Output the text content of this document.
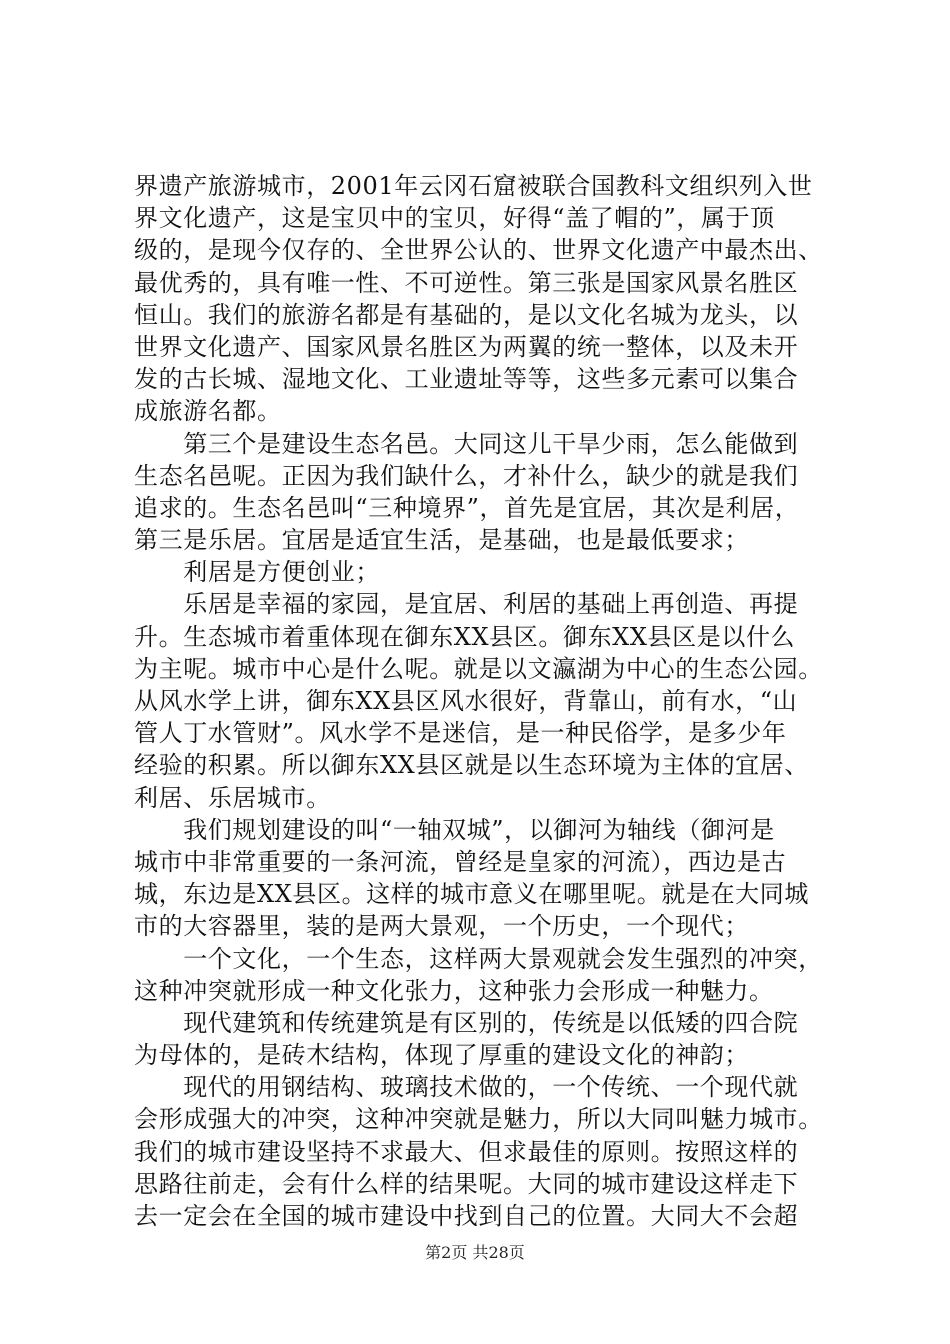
界遗产旅游城市，2001年云冈石窟被联合国教科文组织列入世
界文化遗产，这是宝贝中的宝贝，好得“盖了帽的”，属于顶
级的，是现今仅存的、全世界公认的、世界文化遗产中最杰出、
最优秀的，具有唯一性、不可逆性。第三张是国家风景名胜区
恒山。我们的旅游名都是有基础的，是以文化名城为龙头，以
世界文化遗产、国家风景名胜区为两翼的统一整体，以及未开
发的古长城、湿地文化、工业遗址等等，这些多元素可以集合
成旅游名都。
　　第三个是建设生态名邑。大同这儿干旱少雨，怎么能做到
生态名邑呢。正因为我们缺什么，才补什么，缺少的就是我们
追求的。生态名邑叫“三种境界”，首先是宜居，其次是利居，
第三是乐居。宜居是适宜生活，是基础，也是最低要求；
　　利居是方便创业；
　　乐居是幸福的家园，是宜居、利居的基础上再创造、再提
升。生态城市着重体现在御东XX县区。御东XX县区是以什么
为主呢。城市中心是什么呢。就是以文瀛湖为中心的生态公园。
从风水学上讲，御东XX县区风水很好，背靠山，前有水，“山
管人丁水管财”。风水学不是迷信，是一种民俗学，是多少年
经验的积累。所以御东XX县区就是以生态环境为主体的宜居、
利居、乐居城市。
　　我们规划建设的叫“一轴双城”，以御河为轴线（御河是
城市中非常重要的一条河流，曾经是皇家的河流），西边是古
城，东边是XX县区。这样的城市意义在哪里呢。就是在大同城
市的大容器里，装的是两大景观，一个历史，一个现代；
　　一个文化，一个生态，这样两大景观就会发生强烈的冲突，
这种冲突就形成一种文化张力，这种张力会形成一种魅力。
　　现代建筑和传统建筑是有区别的，传统是以低矮的四合院
为母体的，是砖木结构，体现了厚重的建设文化的神韵；
　　现代的用钢结构、玻璃技术做的，一个传统、一个现代就
会形成强大的冲突，这种冲突就是魅力，所以大同叫魅力城市。
我们的城市建设坚持不求最大、但求最佳的原则。按照这样的
思路往前走，会有什么样的结果呢。大同的城市建设这样走下
去一定会在全国的城市建设中找到自己的位置。大同大不会超
第2页 共28页
